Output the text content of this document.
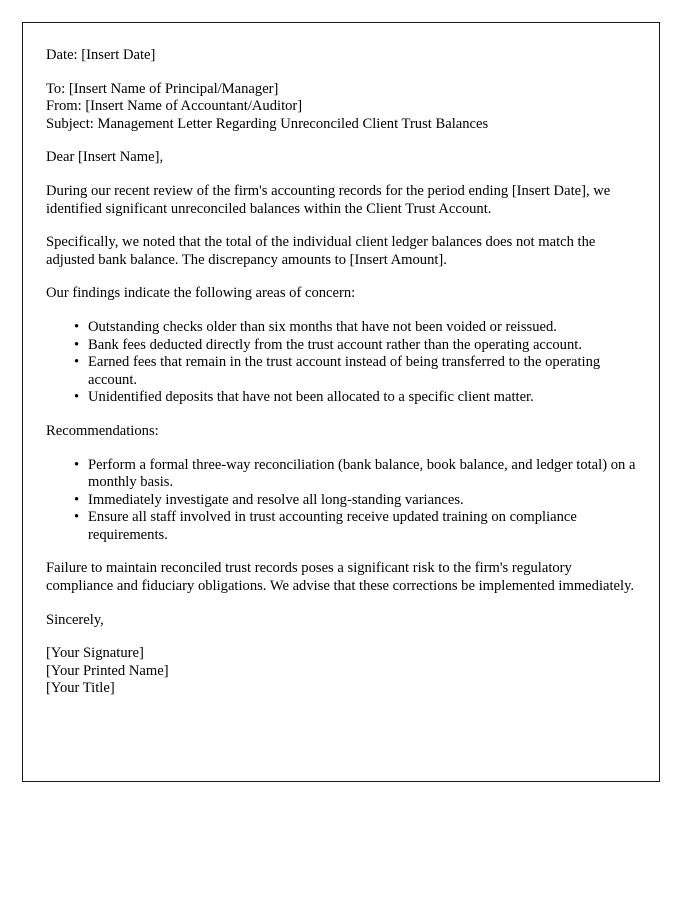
Date: [Insert Date]
To: [Insert Name of Principal/Manager]
From: [Insert Name of Accountant/Auditor]
Subject: Management Letter Regarding Unreconciled Client Trust Balances
Dear [Insert Name],

During our recent review of the firm's accounting records for the period ending [Insert Date], we identified significant unreconciled balances within the Client Trust Account.

Specifically, we noted that the total of the individual client ledger balances does not match the adjusted bank balance. The discrepancy amounts to [Insert Amount].

Our findings indicate the following areas of concern:

• Outstanding checks older than six months that have not been voided or reissued.
• Bank fees deducted directly from the trust account rather than the operating account.
• Earned fees that remain in the trust account instead of being transferred to the operating account.
• Unidentified deposits that have not been allocated to a specific client matter.

Recommendations:

• Perform a formal three-way reconciliation (bank balance, book balance, and ledger total) on a monthly basis.
• Immediately investigate and resolve all long-standing variances.
• Ensure all staff involved in trust accounting receive updated training on compliance requirements.

Failure to maintain reconciled trust records poses a significant risk to the firm's regulatory compliance and fiduciary obligations. We advise that these corrections be implemented immediately.

Sincerely,
[Your Signature]
[Your Printed Name]
[Your Title]
